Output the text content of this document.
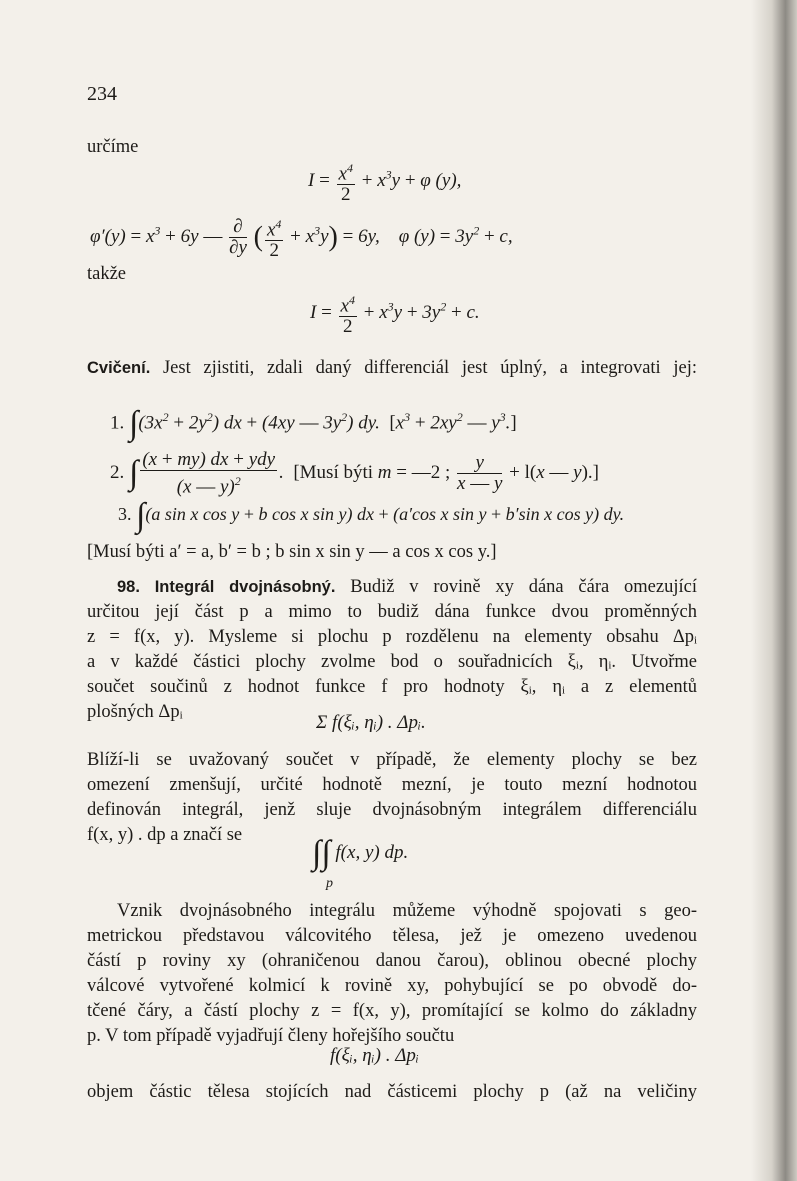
234
určíme
$I = \frac{x^4}{2} + x^3y + \varphi$ (y),
$\varphi'(y) = x^3 + 6y$ — $\frac{\partial}{\partial y}$ ( $\frac{x^4}{2} + x^3y) = 6y$,    φ $(y) = 3y^2 + c$,
takže
$I = \frac{x^4}{2} + x^3y + 3y^2 + c$.
Cvičení. Jest zjistiti, zdali daný differenciál jest úplný, a integrovati jej:
1. $\int(3x^2 + 2y^2)$ dx + (4xy — $3y^2$) dy.  [$x^3 + 2xy^2$ — $y^3$.]
2. ∫ $\frac{\text{(x + my) dx + ydy}}{(x — y)^2}$ .  [Musí býti m = —2 ; $\frac{y}{x — y} + l(x$ — y).]
3. ∫(a sin x cos y + b cos x sin y) dx + (a′cos x sin y + b′sin x cos y) dy.
[Musí býti a′ = a, b′ = b ; b sin x sin y — a cos x cos y.]
98. Integrál dvojnásobný. Budiž v rovině xy dána čára omezující
určitou její část p a mimo to budiž dána funkce dvou proměnných
z = f(x, y). Mysleme si plochu p rozdělenu na elementy obsahu Δpᵢ
a v každé částici plochy zvolme bod o souřadnicích ξᵢ, ηᵢ. Utvořme
součet součinů z hodnot funkce f pro hodnoty ξᵢ, ηᵢ a z elementů
plošných Δpᵢ	Σ f(ξᵢ, ηᵢ) . Δpᵢ.
Blíží-li se uvažovaný součet v případě, že elementy plochy se bez
omezení zmenšují, určité hodnotě mezní, je touto mezní hodnotou
definován integrál, jenž sluje dvojnásobným integrálem differenciálu
f(x, y) . dp a značí se ∫∫ f(x, y) dp.
p
Vznik dvojnásobného integrálu můžeme výhodně spojovati s geo-
metrickou představou válcovitého tělesa, jež je omezeno uvedenou
částí p roviny xy (ohraničenou danou čarou), oblinou obecné plochy
válcové vytvořené kolmicí k rovině xy, pohybující se po obvodě do-
tčené čáry, a částí plochy z = f(x, y), promítající se kolmo do základny
p. V tom případě vyjadřují členy hořejšího součtu
f(ξᵢ, ηᵢ) . Δpᵢ
objem částic tělesa stojících nad částicemi plochy p (až na veličiny
